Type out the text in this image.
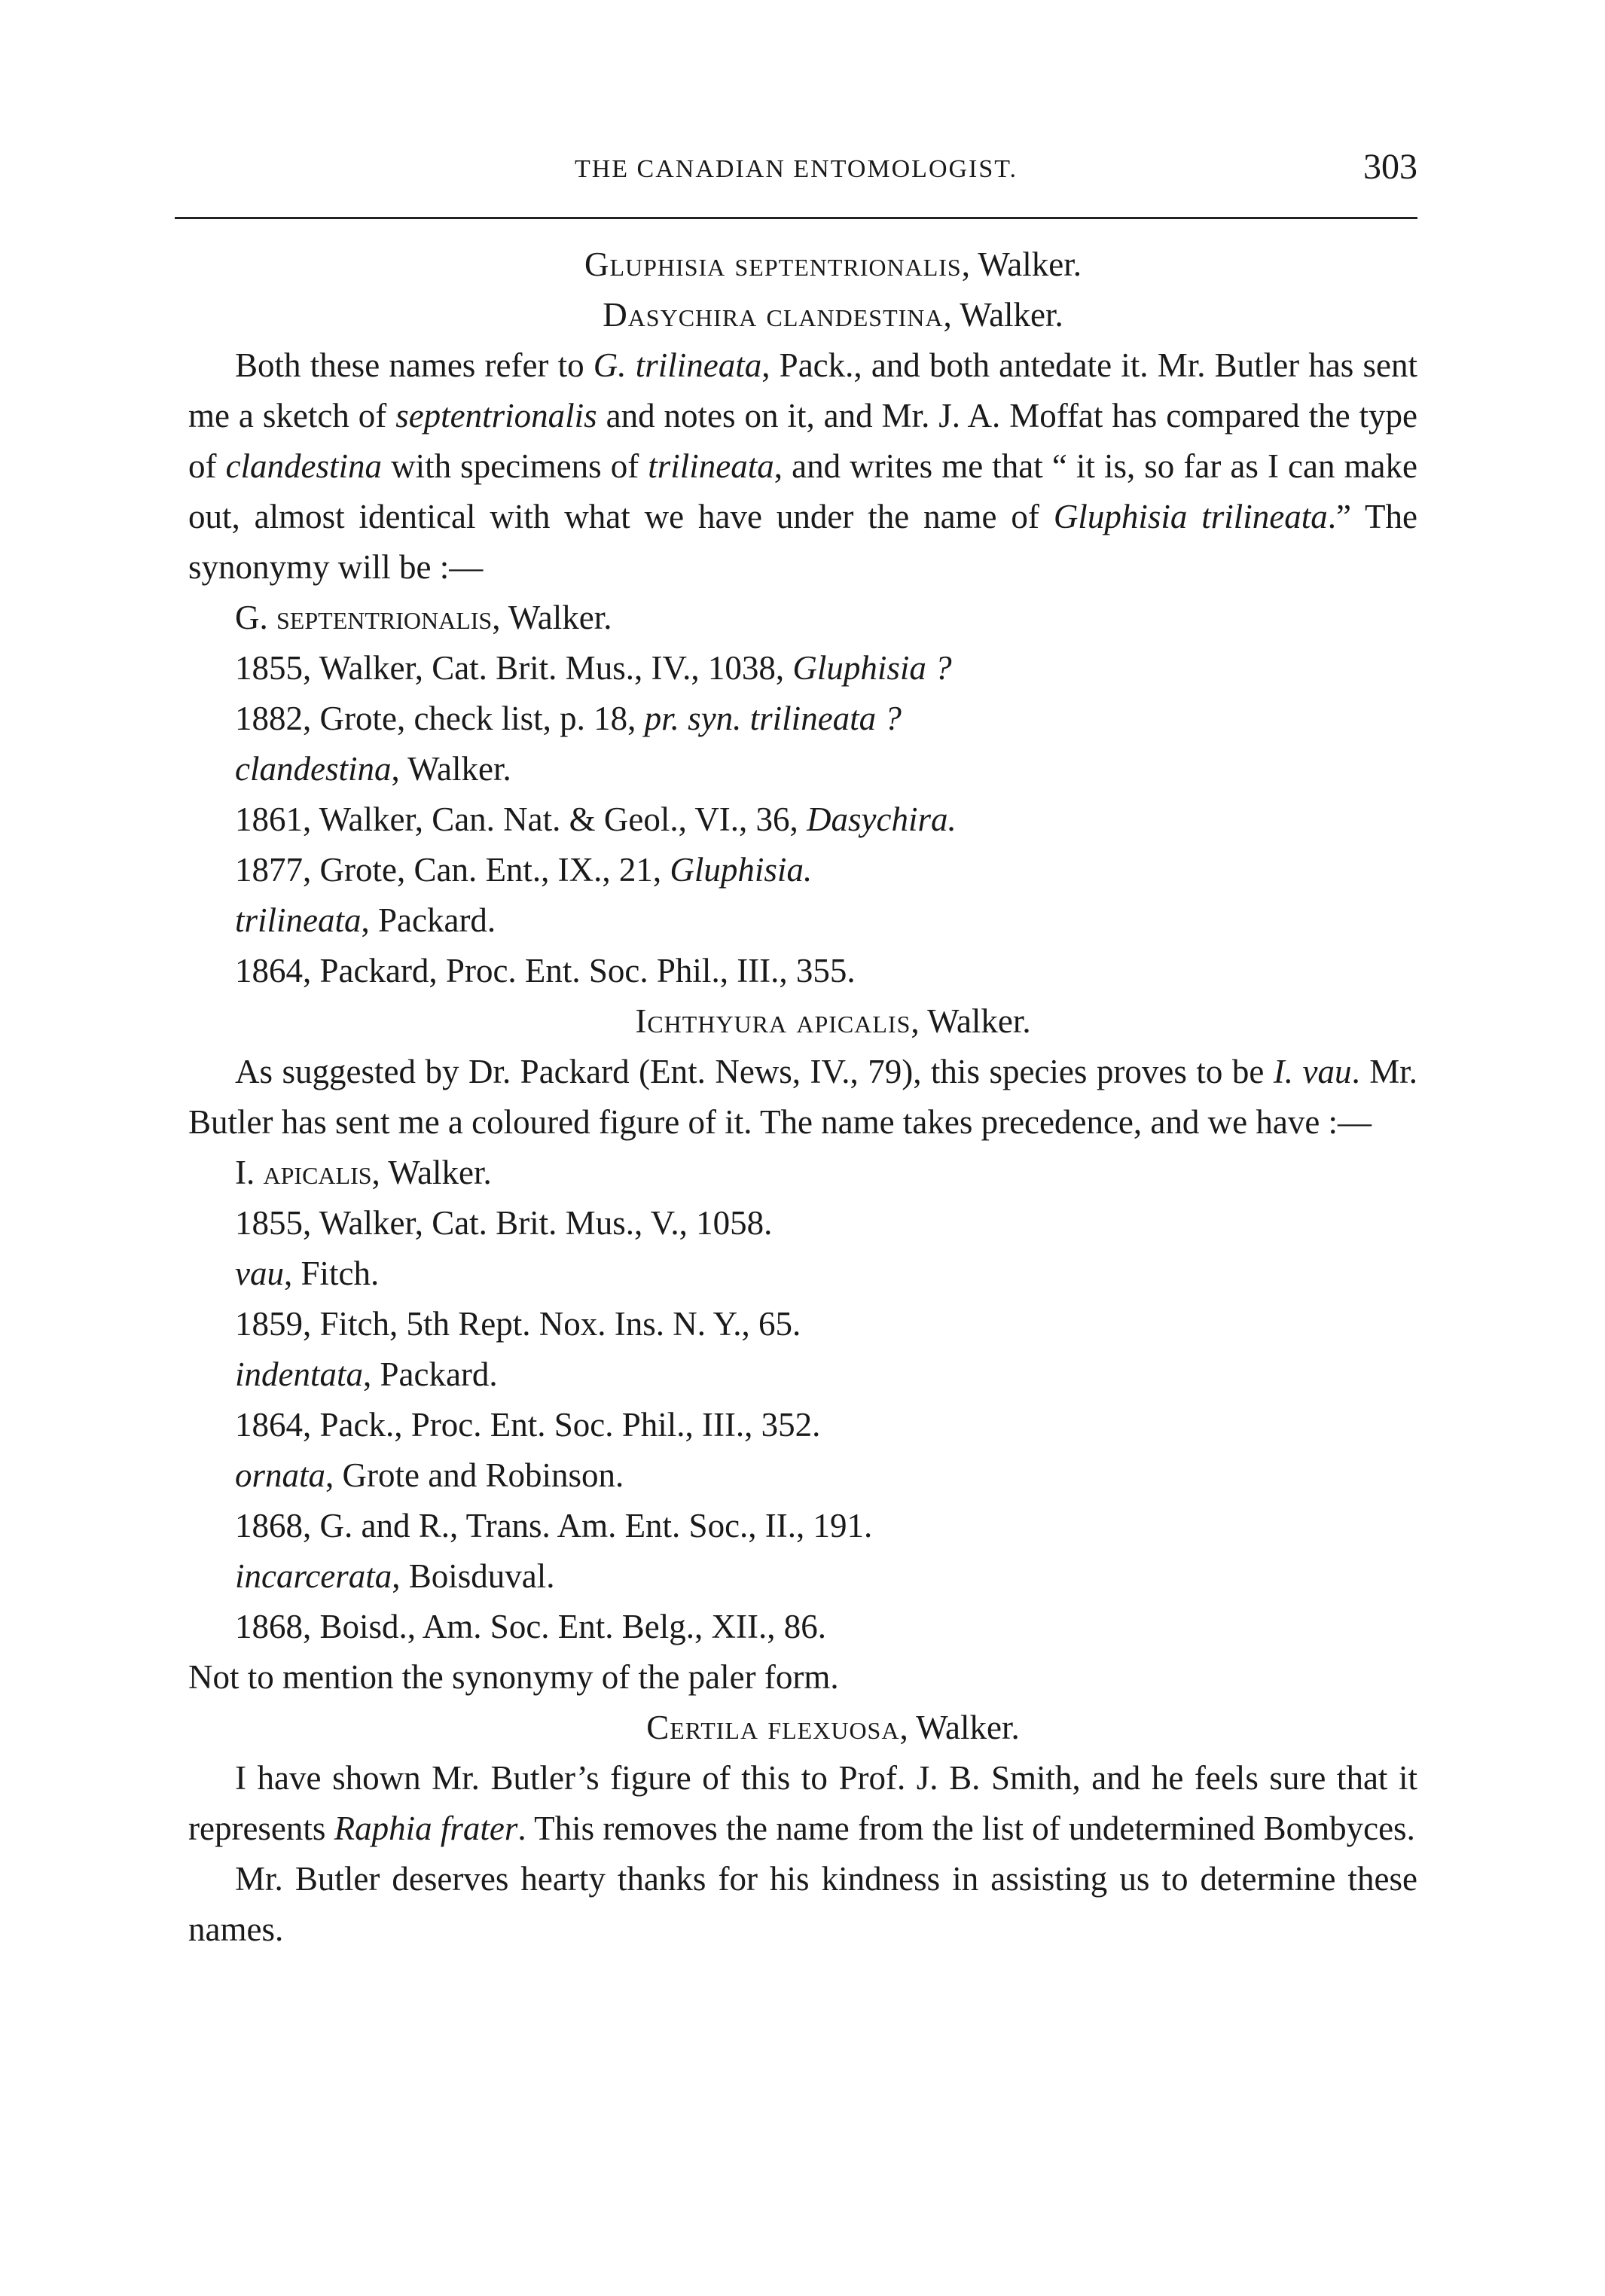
THE CANADIAN ENTOMOLOGIST.	303

Gluphisia septentrionalis, Walker.

Dasychira clandestina, Walker.

Both these names refer to G. trilineata, Pack., and both antedate it. Mr. Butler has sent me a sketch of septentrionalis and notes on it, and Mr. J. A. Moffat has compared the type of clandestina with specimens of trilineata, and writes me that “ it is, so far as I can make out, almost identical with what we have under the name of Gluphisia trilineata.” The synonymy will be :—

G. septentrionalis, Walker.

1855, Walker, Cat. Brit. Mus., IV., 1038, Gluphisia ?

1882, Grote, check list, p. 18, pr. syn. trilineata ?

clandestina, Walker.

1861, Walker, Can. Nat. & Geol., VI., 36, Dasychira.

1877, Grote, Can. Ent., IX., 21, Gluphisia.

trilineata, Packard.

1864, Packard, Proc. Ent. Soc. Phil., III., 355.

Ichthyura apicalis, Walker.

As suggested by Dr. Packard (Ent. News, IV., 79), this species proves to be I. vau. Mr. Butler has sent me a coloured figure of it. The name takes precedence, and we have :—

I. apicalis, Walker.

1855, Walker, Cat. Brit. Mus., V., 1058.

vau, Fitch.

1859, Fitch, 5th Rept. Nox. Ins. N. Y., 65.

indentata, Packard.

1864, Pack., Proc. Ent. Soc. Phil., III., 352.

ornata, Grote and Robinson.

1868, G. and R., Trans. Am. Ent. Soc., II., 191.

incarcerata, Boisduval.

1868, Boisd., Am. Soc. Ent. Belg., XII., 86.

Not to mention the synonymy of the paler form.

Certila flexuosa, Walker.

I have shown Mr. Butler’s figure of this to Prof. J. B. Smith, and he feels sure that it represents Raphia frater. This removes the name from the list of undetermined Bombyces.

Mr. Butler deserves hearty thanks for his kindness in assisting us to determine these names.
